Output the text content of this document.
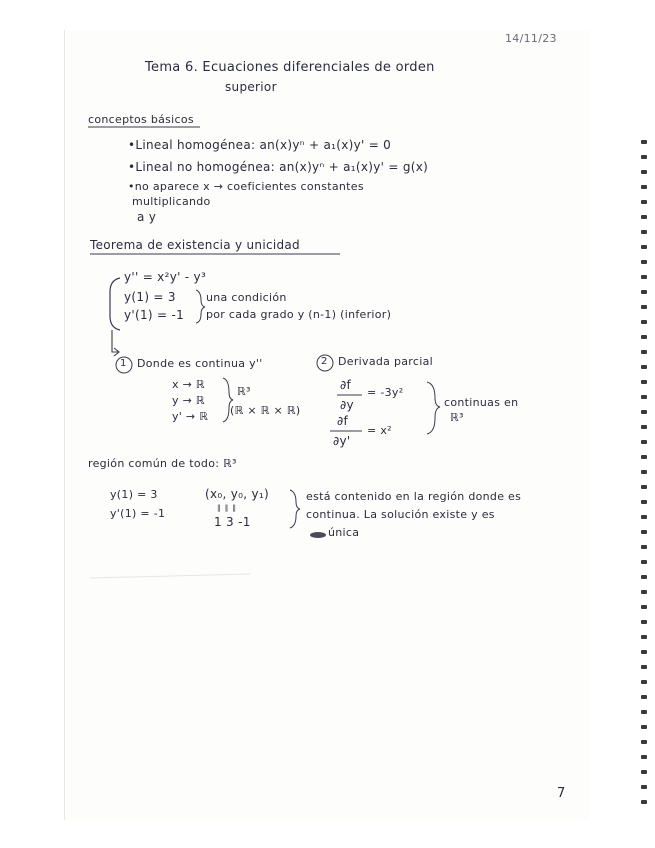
14/11/23
Tema 6. Ecuaciones diferenciales de orden
superior
conceptos básicos
•Lineal homogénea: an(x)yⁿ + a₁(x)y' = 0
•Lineal no homogénea: an(x)yⁿ + a₁(x)y' = g(x)
•no aparece x → coeficientes constantes
multiplicando
a y
Teorema de existencia y unicidad
y'' = x²y' - y³
y(1) = 3
y'(1) = -1
una condición
por cada grado y (n-1) (inferior)
1 Donde es continua y''
x → ℝ
y → ℝ
y' → ℝ
ℝ³
(ℝ × ℝ × ℝ)
2 Derivada parcial
∂f
∂y
= -3y²
∂f
∂y'
= x²
continuas en
ℝ³
región común de todo: ℝ³
y(1) = 3
y'(1) = -1
(x₀, y₀, y₁)
‖ ‖ ‖
1 3 -1
está contenido en la región donde es
continua. La solución existe y es
única
7
